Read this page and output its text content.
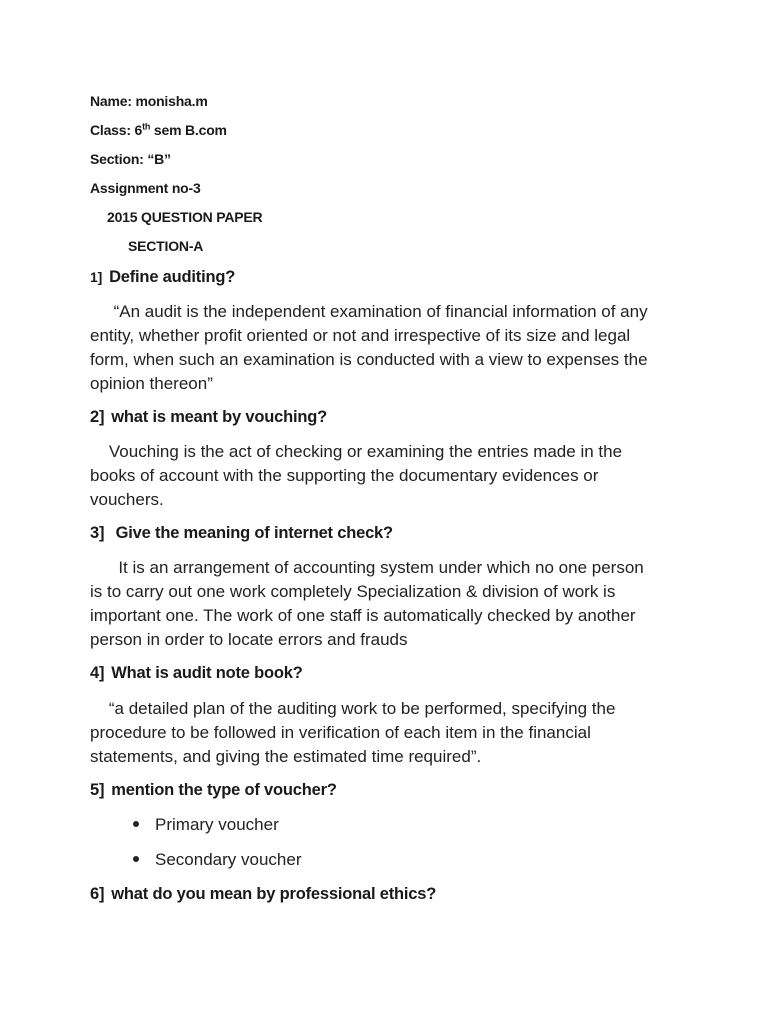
Name: monisha.m
Class: 6th sem B.com
Section: “B”
Assignment no-3
2015 QUESTION PAPER
SECTION-A
1] Define auditing?
“An audit is the independent examination of financial information of any
entity, whether profit oriented or not and irrespective of its size and legal
form, when such an examination is conducted with a view to expenses the
opinion thereon”
2] what is meant by vouching?
Vouching is the act of checking or examining the entries made in the
books of account with the supporting the documentary evidences or
vouchers.
3] Give the meaning of internet check?
It is an arrangement of accounting system under which no one person
is to carry out one work completely Specialization & division of work is
important one. The work of one staff is automatically checked by another
person in order to locate errors and frauds
4] What is audit note book?
“a detailed plan of the auditing work to be performed, specifying the
procedure to be followed in verification of each item in the financial
statements, and giving the estimated time required”.
5] mention the type of voucher?
Primary voucher
Secondary voucher
6] what do you mean by professional ethics?
